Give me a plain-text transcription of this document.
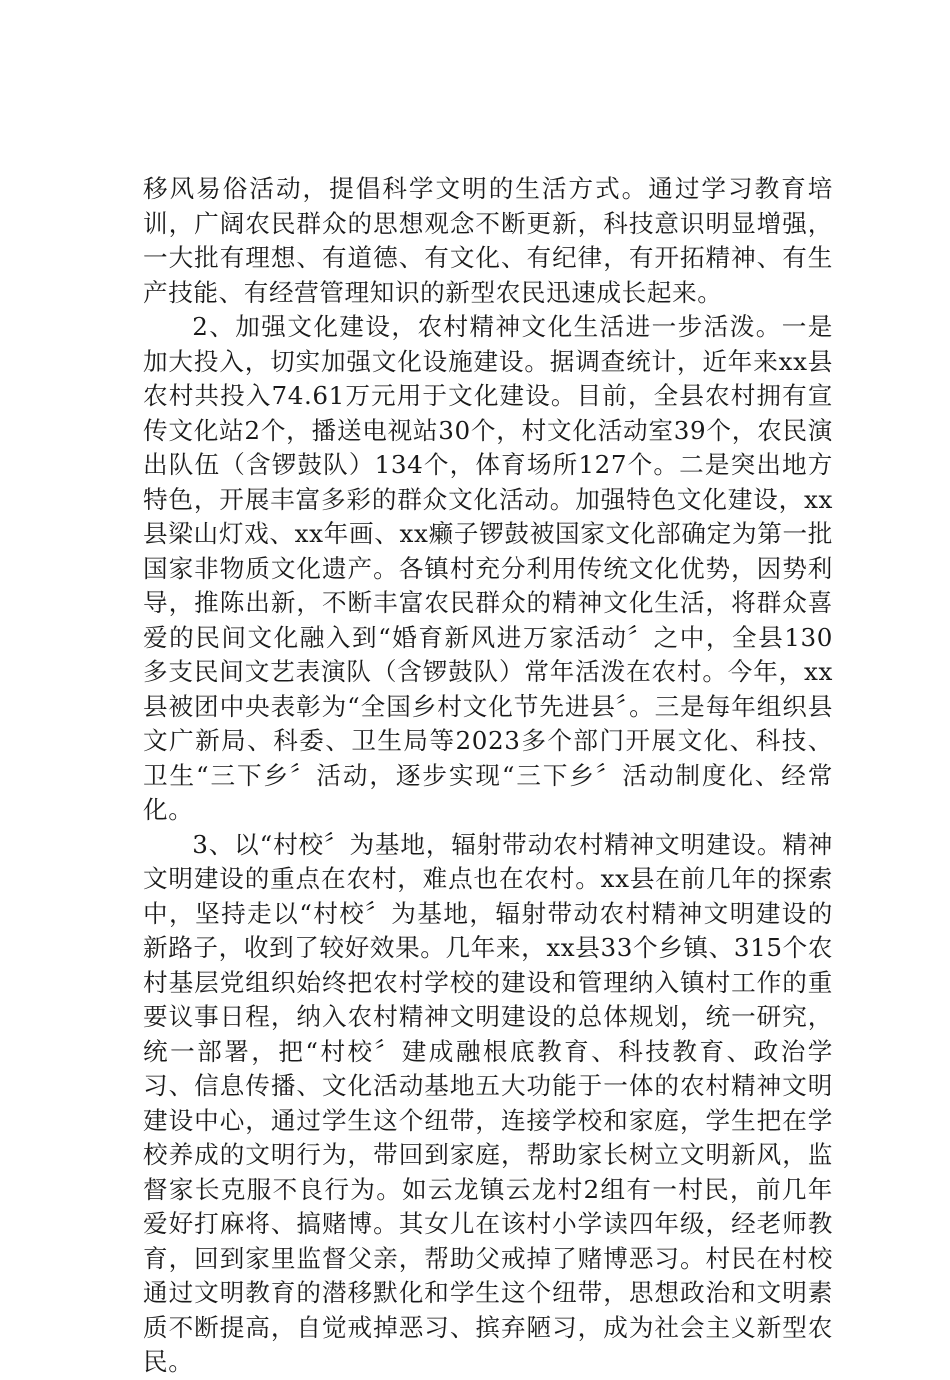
移风易俗活动，提倡科学文明的生活方式。通过学习教育培训，广阔农民群众的思想观念不断更新，科技意识明显增强，一大批有理想、有道德、有文化、有纪律，有开拓精神、有生产技能、有经营管理知识的新型农民迅速成长起来。

2、加强文化建设，农村精神文化生活进一步活泼。一是加大投入，切实加强文化设施建设。据调查统计，近年来xx县农村共投入74.61万元用于文化建设。目前，全县农村拥有宣传文化站2个，播送电视站30个，村文化活动室39个，农民演出队伍（含锣鼓队）134个，体育场所127个。二是突出地方特色，开展丰富多彩的群众文化活动。加强特色文化建设，xx县梁山灯戏、xx年画、xx癞子锣鼓被国家文化部确定为第一批国家非物质文化遗产。各镇村充分利用传统文化优势，因势利导，推陈出新，不断丰富农民群众的精神文化生活，将群众喜爱的民间文化融入到“婚育新风进万家活动〞之中，全县130多支民间文艺表演队（含锣鼓队）常年活泼在农村。今年，xx县被团中央表彰为“全国乡村文化节先进县〞。三是每年组织县文广新局、科委、卫生局等2023多个部门开展文化、科技、卫生“三下乡〞活动，逐步实现“三下乡〞活动制度化、经常化。

3、以“村校〞为基地，辐射带动农村精神文明建设。精神文明建设的重点在农村，难点也在农村。xx县在前几年的探索中，坚持走以“村校〞为基地，辐射带动农村精神文明建设的新路子，收到了较好效果。几年来，xx县33个乡镇、315个农村基层党组织始终把农村学校的建设和管理纳入镇村工作的重要议事日程，纳入农村精神文明建设的总体规划，统一研究，统一部署，把“村校〞建成融根底教育、科技教育、政治学习、信息传播、文化活动基地五大功能于一体的农村精神文明建设中心，通过学生这个纽带，连接学校和家庭，学生把在学校养成的文明行为，带回到家庭，帮助家长树立文明新风，监督家长克服不良行为。如云龙镇云龙村2组有一村民，前几年爱好打麻将、搞赌博。其女儿在该村小学读四年级，经老师教育，回到家里监督父亲，帮助父戒掉了赌博恶习。村民在村校通过文明教育的潜移默化和学生这个纽带，思想政治和文明素质不断提高，自觉戒掉恶习、摈弃陋习，成为社会主义新型农民。
